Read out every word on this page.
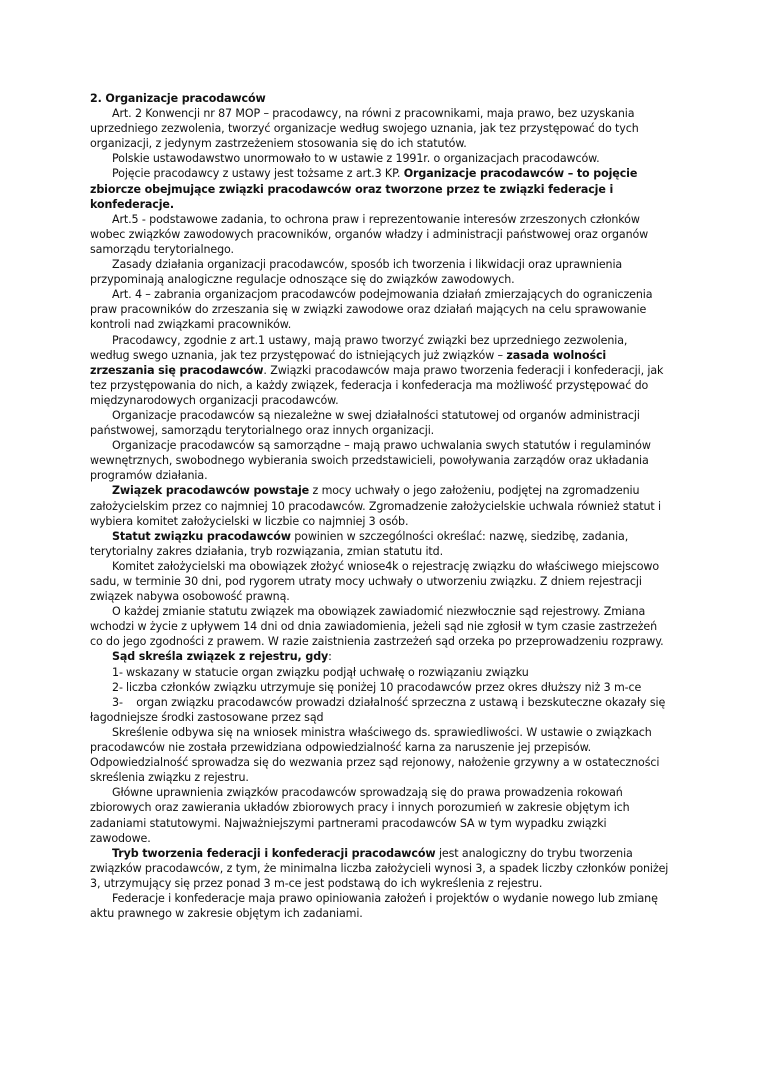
2. Organizacje pracodawców

Art. 2 Konwencji nr 87 MOP – pracodawcy, na równi z pracownikami, maja prawo, bez uzyskania uprzedniego zezwolenia, tworzyć organizacje według swojego uznania, jak tez przystępować do tych organizacji, z jedynym zastrzeżeniem stosowania się do ich statutów.

Polskie ustawodawstwo unormowało to w ustawie z 1991r. o organizacjach pracodawców.

Pojęcie pracodawcy z ustawy jest tożsame z art.3 KP. Organizacje pracodawców – to pojęcie zbiorcze obejmujące związki pracodawców oraz tworzone przez te związki federacje i konfederacje.

Art.5 - podstawowe zadania, to ochrona praw i reprezentowanie interesów zrzeszonych członków wobec związków zawodowych pracowników, organów władzy i administracji państwowej oraz organów samorządu terytorialnego.

Zasady działania organizacji pracodawców, sposób ich tworzenia i likwidacji oraz uprawnienia przypominają analogiczne regulacje odnoszące się do związków zawodowych.

Art. 4 – zabrania organizacjom pracodawców podejmowania działań zmierzających do ograniczenia praw pracowników do zrzeszania się w związki zawodowe oraz działań mających na celu sprawowanie kontroli nad związkami pracowników.

Pracodawcy, zgodnie z art.1 ustawy, mają prawo tworzyć związki bez uprzedniego zezwolenia, według swego uznania, jak tez przystępować do istniejących już związków – zasada wolności zrzeszania się pracodawców. Związki pracodawców maja prawo tworzenia federacji i konfederacji, jak tez przystępowania do nich, a każdy związek, federacja i konfederacja ma możliwość przystępować do międzynarodowych organizacji pracodawców.

Organizacje pracodawców są niezależne w swej działalności statutowej od organów administracji państwowej, samorządu terytorialnego oraz innych organizacji.

Organizacje pracodawców są samorządne – mają prawo uchwalania swych statutów i regulaminów wewnętrznych, swobodnego wybierania swoich przedstawicieli, powoływania zarządów oraz układania programów działania.

Związek pracodawców powstaje z mocy uchwały o jego założeniu, podjętej na zgromadzeniu założycielskim przez co najmniej 10 pracodawców. Zgromadzenie założycielskie uchwala również statut i wybiera komitet założycielski w liczbie co najmniej 3 osób.

Statut związku pracodawców powinien w szczególności określać: nazwę, siedzibę, zadania, terytorialny zakres działania, tryb rozwiązania, zmian statutu itd.

Komitet założycielski ma obowiązek złożyć wniose4k o rejestrację związku do właściwego miejscowo sadu, w terminie 30 dni, pod rygorem utraty mocy uchwały o utworzeniu związku. Z dniem rejestracji związek nabywa osobowość prawną.

O każdej zmianie statutu związek ma obowiązek zawiadomić niezwłocznie sąd rejestrowy. Zmiana wchodzi w życie z upływem 14 dni od dnia zawiadomienia, jeżeli sąd nie zgłosił w tym czasie zastrzeżeń co do jego zgodności z prawem. W razie zaistnienia zastrzeżeń sąd orzeka po przeprowadzeniu rozprawy.

Sąd skreśla związek z rejestru, gdy:

1- wskazany w statucie organ związku podjął uchwałę o rozwiązaniu związku
2- liczba członków związku utrzymuje się poniżej 10 pracodawców przez okres dłuższy niż 3 m-ce

3- organ związku pracodawców prowadzi działalność sprzeczna z ustawą i bezskuteczne okazały się łagodniejsze środki zastosowane przez sąd

Skreślenie odbywa się na wniosek ministra właściwego ds. sprawiedliwości. W ustawie o związkach pracodawców nie została przewidziana odpowiedzialność karna za naruszenie jej przepisów. Odpowiedzialność sprowadza się do wezwania przez sąd rejonowy, nałożenie grzywny a w ostateczności skreślenia związku z rejestru.

Główne uprawnienia związków pracodawców sprowadzają się do prawa prowadzenia rokowań zbiorowych oraz zawierania układów zbiorowych pracy i innych porozumień w zakresie objętym ich zadaniami statutowymi. Najważniejszymi partnerami pracodawców SA w tym wypadku związki zawodowe.

Tryb tworzenia federacji i konfederacji pracodawców jest analogiczny do trybu tworzenia związków pracodawców, z tym, że minimalna liczba założycieli wynosi 3, a spadek liczby członków poniżej 3, utrzymujący się przez ponad 3 m-ce jest podstawą do ich wykreślenia z rejestru.

Federacje i konfederacje maja prawo opiniowania założeń i projektów o wydanie nowego lub zmianę aktu prawnego w zakresie objętym ich zadaniami.
